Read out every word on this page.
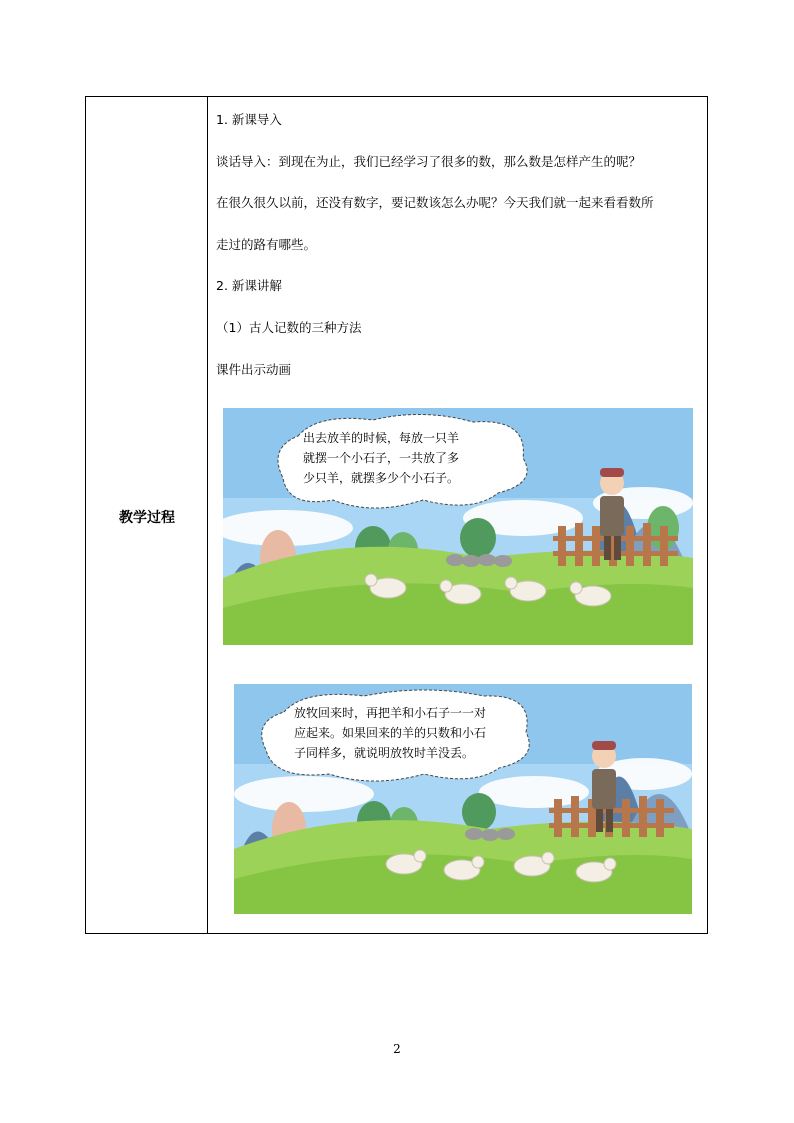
教学过程
1. 新课导入
谈话导入：到现在为止，我们已经学习了很多的数，那么数是怎样产生的呢？
在很久很久以前，还没有数字，要记数该怎么办呢？今天我们就一起来看看数所
走过的路有哪些。
2. 新课讲解
（1）古人记数的三种方法
课件出示动画
出去放羊的时候，每放一只羊
就摆一个小石子，一共放了多
少只羊，就摆多少个小石子。
放牧回来时，再把羊和小石子一一对
应起来。如果回来的羊的只数和小石
子同样多，就说明放牧时羊没丢。
2
